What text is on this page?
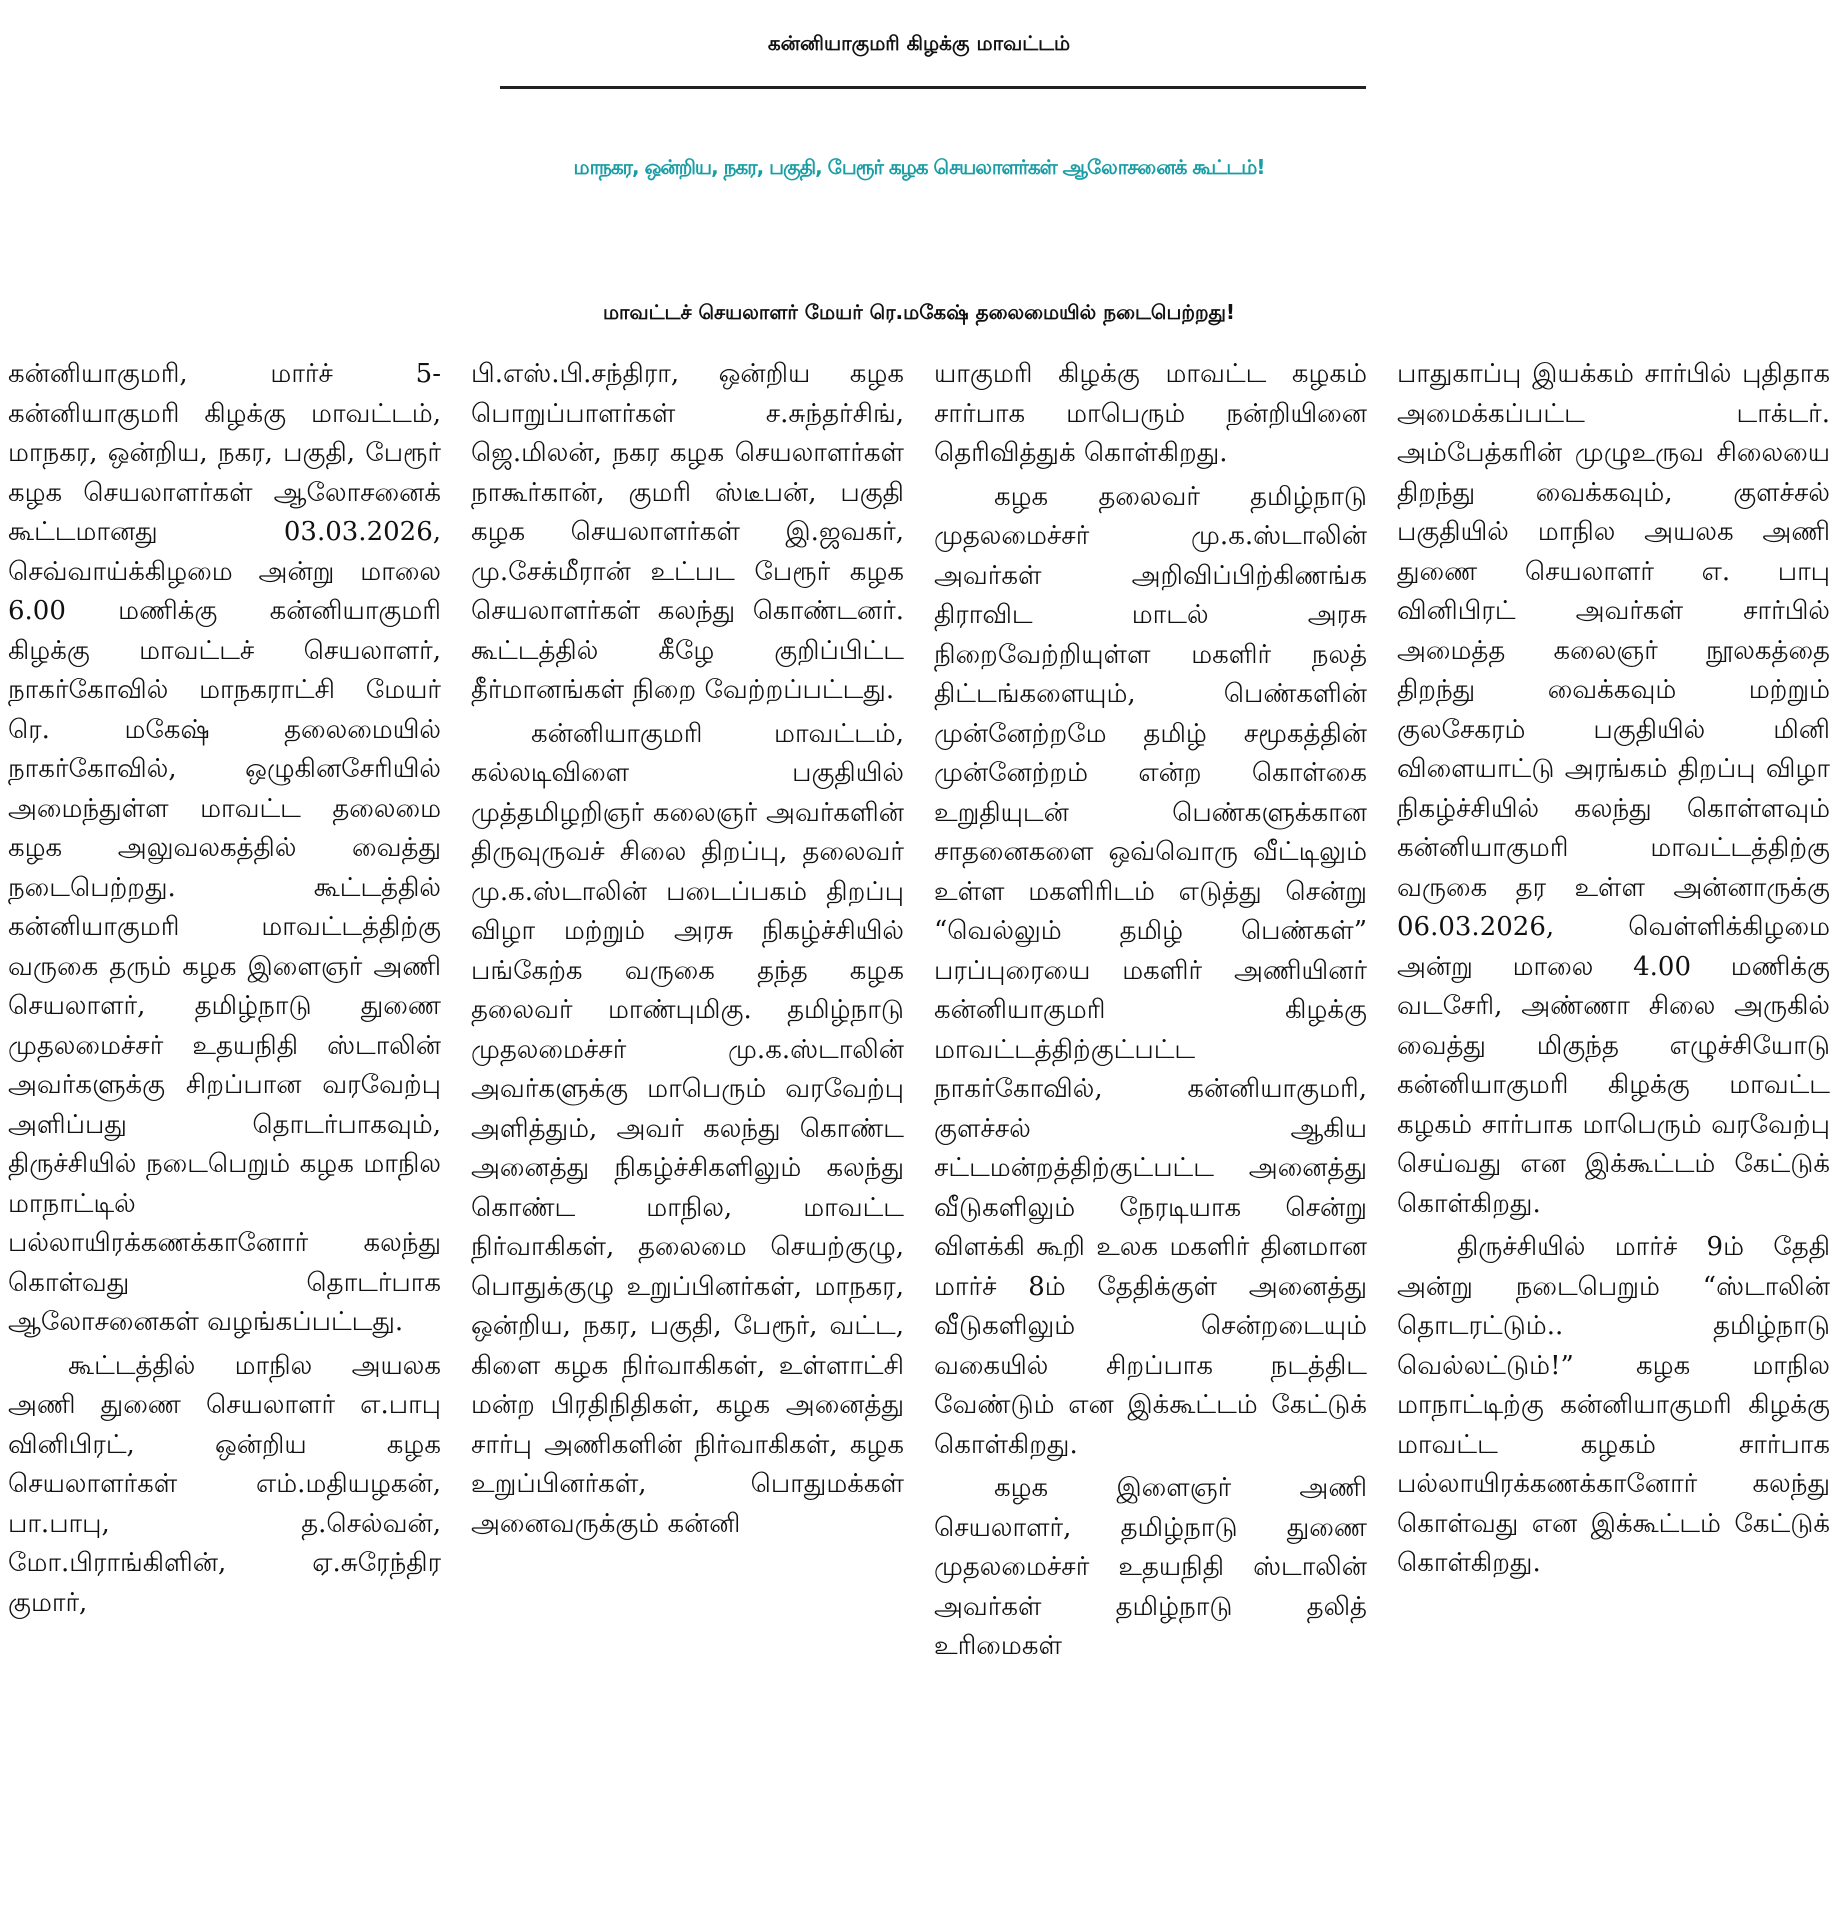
கன்னியாகுமரி கிழக்கு மாவட்டம்
மாநகர, ஒன்றிய, நகர, பகுதி, பேரூர் கழக செயலாளர்கள் ஆலோசனைக் கூட்டம்!
மாவட்டச் செயலாளர் மேயர் ரெ.மகேஷ் தலைமையில் நடைபெற்றது!

கன்னியாகுமரி, மார்ச் 5- கன்னியாகுமரி கிழக்கு மாவட்டம், மாநகர, ஒன்றிய, நகர, பகுதி, பேரூர் கழக செயலாளர்கள் ஆலோசனைக் கூட்டமானது 03.03.2026, செவ்வாய்க்கிழமை அன்று மாலை 6.00 மணிக்கு கன்னியாகுமரி கிழக்கு மாவட்டச் செயலாளர், நாகர்கோவில் மாநகராட்சி மேயர் ரெ. மகேஷ் தலைமையில் நாகர்கோவில், ஒழுகினசேரியில் அமைந்துள்ள மாவட்ட தலைமை கழக அலுவலகத்தில் வைத்து நடைபெற்றது. கூட்டத்தில் கன்னியாகுமரி மாவட்டத்திற்கு வருகை தரும் கழக இளைஞர் அணி செயலாளர், தமிழ்நாடு துணை முதலமைச்சர் உதயநிதி ஸ்டாலின் அவர்களுக்கு சிறப்பான வரவேற்பு அளிப்பது தொடர்பாகவும், திருச்சியில் நடைபெறும் கழக மாநில மாநாட்டில் பல்லாயிரக்கணக்கானோர் கலந்து கொள்வது தொடர்பாக ஆலோசனைகள் வழங்கப்பட்டது.

கூட்டத்தில் மாநில அயலக அணி துணை செயலாளர் எ.பாபு வினிபிரட், ஒன்றிய கழக செயலாளர்கள் எம்.மதியழகன், பா.பாபு, த.செல்வன், மோ.பிராங்கிளின், ஏ.சுரேந்திர குமார்,

பி.எஸ்.பி.சந்திரா, ஒன்றிய கழக பொறுப்பாளர்கள் ச.சுந்தர்சிங், ஜெ.மிலன், நகர கழக செயலாளர்கள் நாகூர்கான், குமரி ஸ்டீபன், பகுதி கழக செயலாளர்கள் இ.ஜவகர், மு.சேக்மீரான் உட்பட பேரூர் கழக செயலாளர்கள் கலந்து கொண்டனர். கூட்டத்தில் கீழே குறிப்பிட்ட தீர்மானங்கள் நிறை வேற்றப்பட்டது.

கன்னியாகுமரி மாவட்டம், கல்லடிவிளை பகுதியில் முத்தமிழறிஞர் கலைஞர் அவர்களின் திருவுருவச் சிலை திறப்பு, தலைவர் மு.க.ஸ்டாலின் படைப்பகம் திறப்பு விழா மற்றும் அரசு நிகழ்ச்சியில் பங்கேற்க வருகை தந்த கழக தலைவர் மாண்புமிகு. தமிழ்நாடு முதலமைச்சர் மு.க.ஸ்டாலின் அவர்களுக்கு மாபெரும் வரவேற்பு அளித்தும், அவர் கலந்து கொண்ட அனைத்து நிகழ்ச்சிகளிலும் கலந்து கொண்ட மாநில, மாவட்ட நிர்வாகிகள், தலைமை செயற்குழு, பொதுக்குழு உறுப்பினர்கள், மாநகர, ஒன்றிய, நகர, பகுதி, பேரூர், வட்ட, கிளை கழக நிர்வாகிகள், உள்ளாட்சி மன்ற பிரதிநிதிகள், கழக அனைத்து சார்பு அணிகளின் நிர்வாகிகள், கழக உறுப்பினர்கள், பொதுமக்கள் அனைவருக்கும் கன்னி

யாகுமரி கிழக்கு மாவட்ட கழகம் சார்பாக மாபெரும் நன்றியினை தெரிவித்துக் கொள்கிறது.

கழக தலைவர் தமிழ்நாடு முதலமைச்சர் மு.க.ஸ்டாலின் அவர்கள் அறிவிப்பிற்கிணங்க திராவிட மாடல் அரசு நிறைவேற்றியுள்ள மகளிர் நலத் திட்டங்களையும், பெண்களின் முன்னேற்றமே தமிழ் சமூகத்தின் முன்னேற்றம் என்ற கொள்கை உறுதியுடன் பெண்களுக்கான சாதனைகளை ஒவ்வொரு வீட்டிலும் உள்ள மகளிரிடம் எடுத்து சென்று “வெல்லும் தமிழ் பெண்கள்” பரப்புரையை மகளிர் அணியினர் கன்னியாகுமரி கிழக்கு மாவட்டத்திற்குட்பட்ட நாகர்கோவில், கன்னியாகுமரி, குளச்சல் ஆகிய சட்டமன்றத்திற்குட்பட்ட அனைத்து வீடுகளிலும் நேரடியாக சென்று விளக்கி கூறி உலக மகளிர் தினமான மார்ச் 8ம் தேதிக்குள் அனைத்து வீடுகளிலும் சென்றடையும் வகையில் சிறப்பாக நடத்திட வேண்டும் என இக்கூட்டம் கேட்டுக் கொள்கிறது.

கழக இளைஞர் அணி செயலாளர், தமிழ்நாடு துணை முதலமைச்சர் உதயநிதி ஸ்டாலின் அவர்கள் தமிழ்நாடு தலித் உரிமைகள்

பாதுகாப்பு இயக்கம் சார்பில் புதிதாக அமைக்கப்பட்ட டாக்டர். அம்பேத்கரின் முழுஉருவ சிலையை திறந்து வைக்கவும், குளச்சல் பகுதியில் மாநில அயலக அணி துணை செயலாளர் எ. பாபு வினிபிரட் அவர்கள் சார்பில் அமைத்த கலைஞர் நூலகத்தை திறந்து வைக்கவும் மற்றும் குலசேகரம் பகுதியில் மினி விளையாட்டு அரங்கம் திறப்பு விழா நிகழ்ச்சியில் கலந்து கொள்ளவும் கன்னியாகுமரி மாவட்டத்திற்கு வருகை தர உள்ள அன்னாருக்கு 06.03.2026, வெள்ளிக்கிழமை அன்று மாலை 4.00 மணிக்கு வடசேரி, அண்ணா சிலை அருகில் வைத்து மிகுந்த எழுச்சியோடு கன்னியாகுமரி கிழக்கு மாவட்ட கழகம் சார்பாக மாபெரும் வரவேற்பு செய்வது என இக்கூட்டம் கேட்டுக் கொள்கிறது.

திருச்சியில் மார்ச் 9ம் தேதி அன்று நடைபெறும் “ஸ்டாலின் தொடரட்டும்.. தமிழ்நாடு வெல்லட்டும்!” கழக மாநில மாநாட்டிற்கு கன்னியாகுமரி கிழக்கு மாவட்ட கழகம் சார்பாக பல்லாயிரக்கணக்கானோர் கலந்து கொள்வது என இக்கூட்டம் கேட்டுக் கொள்கிறது.
